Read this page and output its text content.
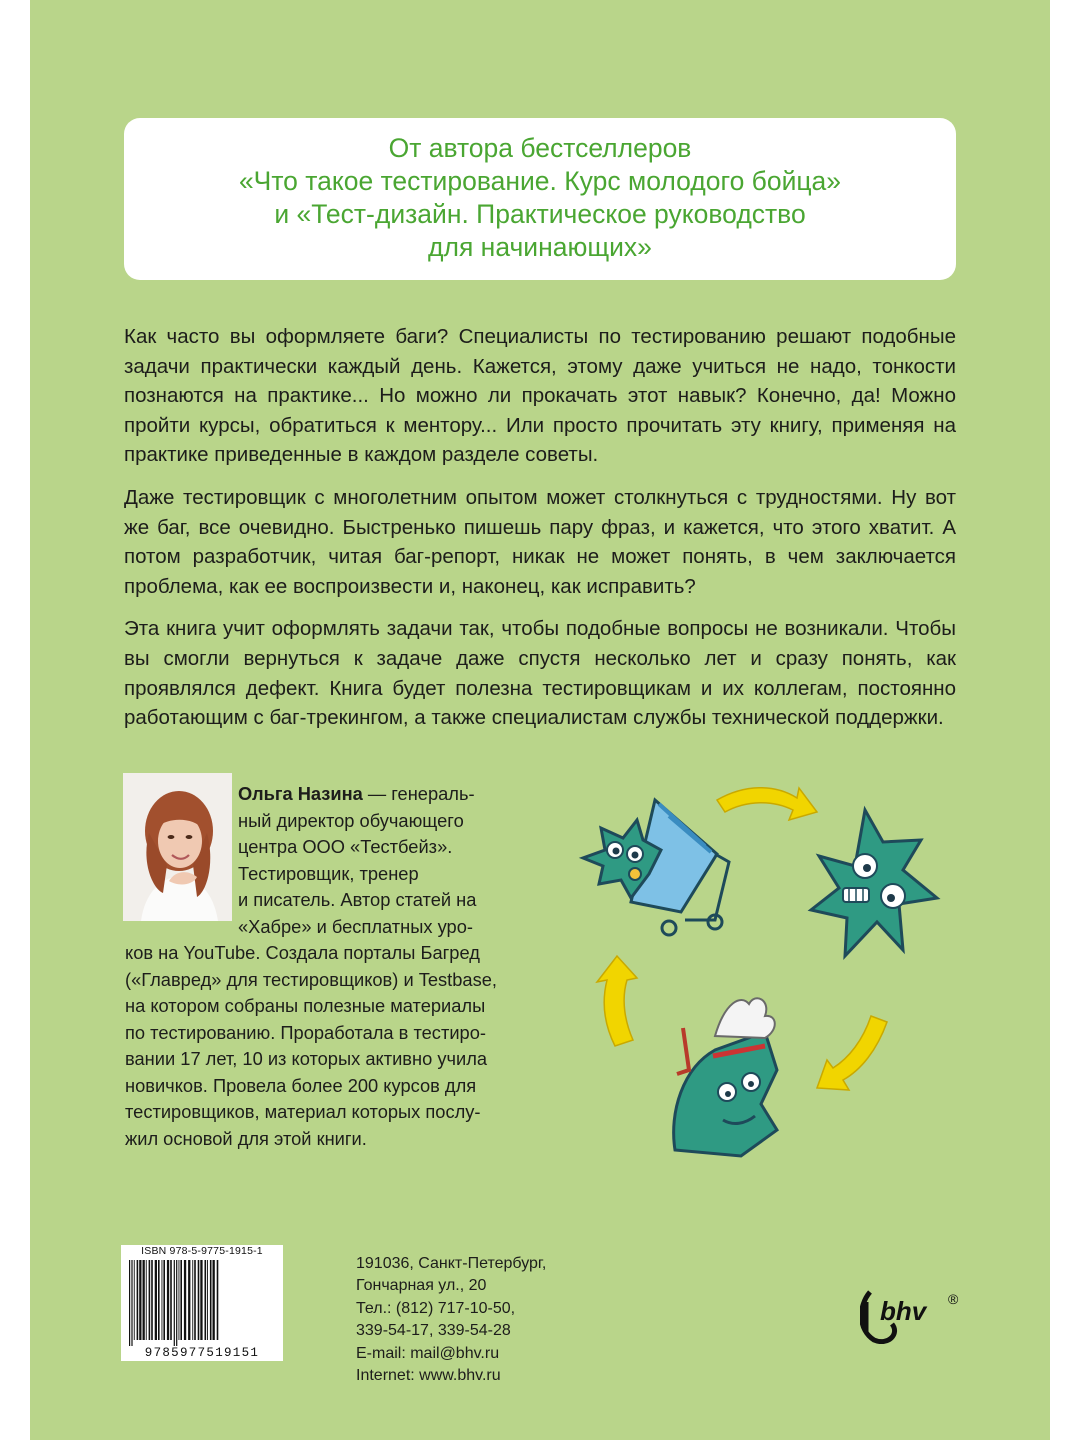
От автора бестселлеров
«Что такое тестирование. Курс молодого бойца»
и «Тест-дизайн. Практическое руководство
для начинающих»

Как часто вы оформляете баги? Специалисты по тестированию решают подобные задачи практически каждый день. Кажется, этому даже учиться не надо, тонкости познаются на практике... Но можно ли прокачать этот навык? Конечно, да! Можно пройти курсы, обратиться к ментору... Или просто прочитать эту книгу, применяя на практике приведенные в каждом разделе советы.

Даже тестировщик с многолетним опытом может столкнуться с трудностями. Ну вот же баг, все очевидно. Быстренько пишешь пару фраз, и кажется, что этого хватит. А потом разработчик, читая баг-репорт, никак не может понять, в чем заключается проблема, как ее воспроизвести и, наконец, как исправить?

Эта книга учит оформлять задачи так, чтобы подобные вопросы не возникали. Чтобы вы смогли вернуться к задаче даже спустя несколько лет и сразу понять, как проявлялся дефект. Книга будет полезна тестировщикам и их коллегам, постоянно работающим с баг-трекингом, а также специалистам службы технической поддержки.

Ольга Назина — генераль-
ный директор обучающего
центра ООО «Тестбейз».
Тестировщик, тренер
и писатель. Автор статей на
«Хабре» и бесплатных уро-
ков на YouTube. Создала порталы Багред
(«Главред» для тестировщиков) и Testbase,
на котором собраны полезные материалы
по тестированию. Проработала в тестиро-
вании 17 лет, 10 из которых активно учила
новичков. Провела более 200 курсов для
тестировщиков, материал которых послу-
жил основой для этой книги.
ISBN 978-5-9775-1915-1
9785977519151
191036, Санкт-Петербург,
Гончарная ул., 20
Тел.: (812) 717-10-50,
339-54-17, 339-54-28
E-mail: mail@bhv.ru
Internet: www.bhv.ru
bhv ®
